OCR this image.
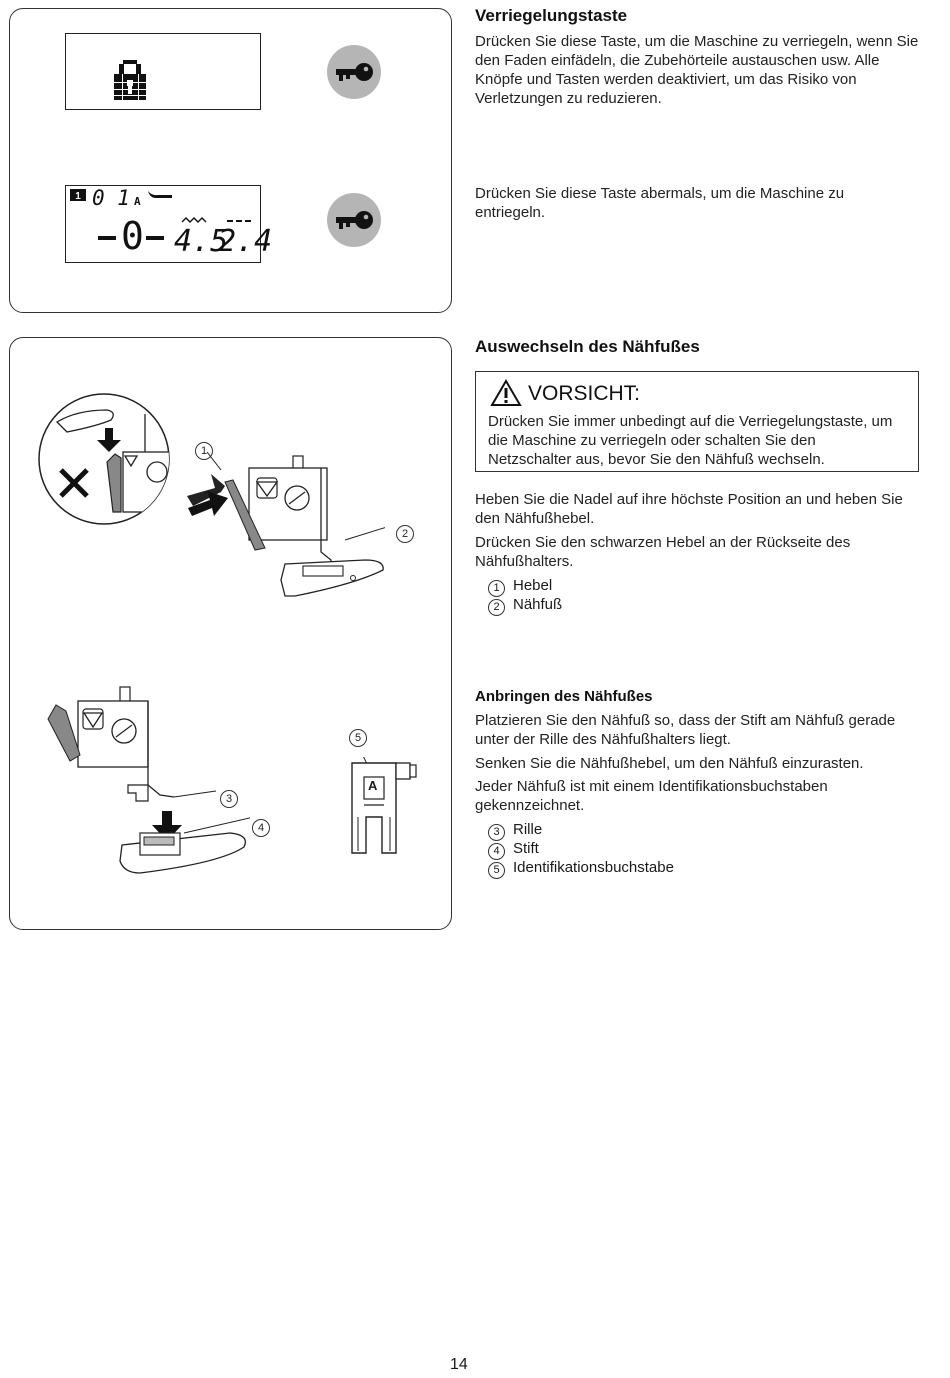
Verriegelungstaste

Drücken Sie diese Taste, um die Maschine zu verriegeln, wenn Sie den Faden einfädeln, die Zubehörteile austauschen usw. Alle Knöpfe und Tasten werden deaktiviert, um das Risiko von Verletzungen zu reduzieren.

1 0 1 A
0 4.5
2.4

Drücken Sie diese Taste abermals, um die Maschine zu entriegeln.

1
2
Auswechseln des Nähfußes
VORSICHT:

Drücken Sie immer unbedingt auf die Verriegelungstaste, um die Maschine zu verriegeln oder schalten Sie den Netzschalter aus, bevor Sie den Nähfuß wechseln.

Heben Sie die Nadel auf ihre höchste Position an und heben Sie den Nähfußhebel.

Drücken Sie den schwarzen Hebel an der Rückseite des Nähfußhalters.

1 Hebel
2 Nähfuß
3
4
5
A
Anbringen des Nähfußes

Platzieren Sie den Nähfuß so, dass der Stift am Nähfuß gerade unter der Rille des Nähfußhalters liegt.

Senken Sie die Nähfußhebel, um den Nähfuß einzurasten.

Jeder Nähfuß ist mit einem Identifikationsbuchstaben gekennzeichnet.

3 Rille
4 Stift
5 Identifikationsbuchstabe
14
